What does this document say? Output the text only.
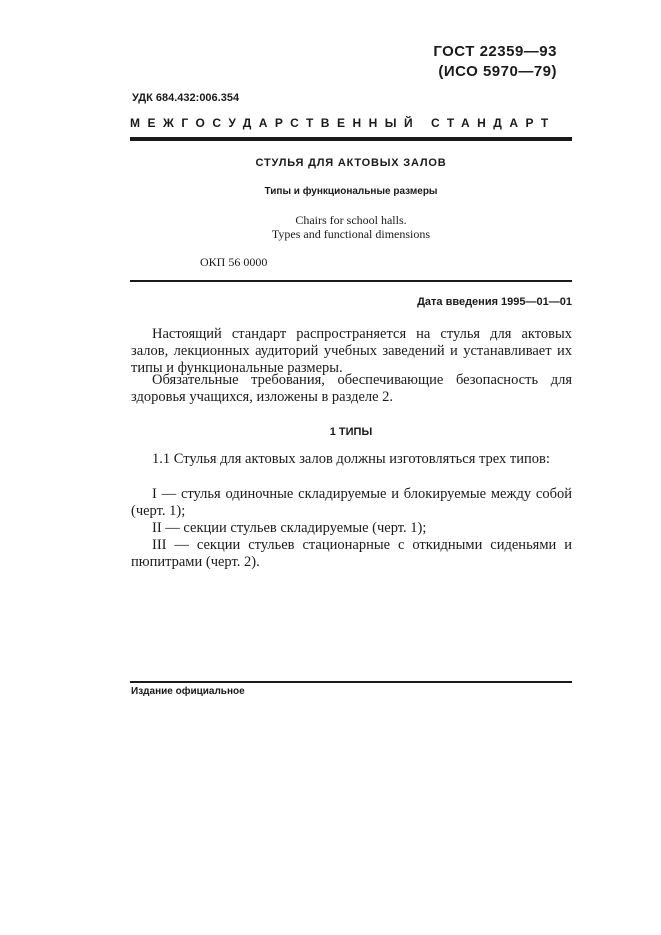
ГОСТ 22359—93
(ИСО 5970—79)
УДК 684.432:006.354
МЕЖГОСУДАРСТВЕННЫЙ СТАНДАРТ
СТУЛЬЯ ДЛЯ АКТОВЫХ ЗАЛОВ
Типы и функциональные размеры
Chairs for school halls.
Types and functional dimensions
ОКП 56 0000
Дата введения 1995—01—01
Настоящий стандарт распространяется на стулья для актовых залов, лекционных аудиторий учебных заведений и устанавливает их типы и функциональные размеры.
Обязательные требования, обеспечивающие безопасность для здоровья учащихся, изложены в разделе 2.
1 ТИПЫ
1.1 Стулья для актовых залов должны изготовляться трех типов:
I — стулья одиночные складируемые и блокируемые между собой (черт. 1);
II — секции стульев складируемые (черт. 1);
III — секции стульев стационарные с откидными сиденьями и пюпитрами (черт. 2).
Издание официальное
